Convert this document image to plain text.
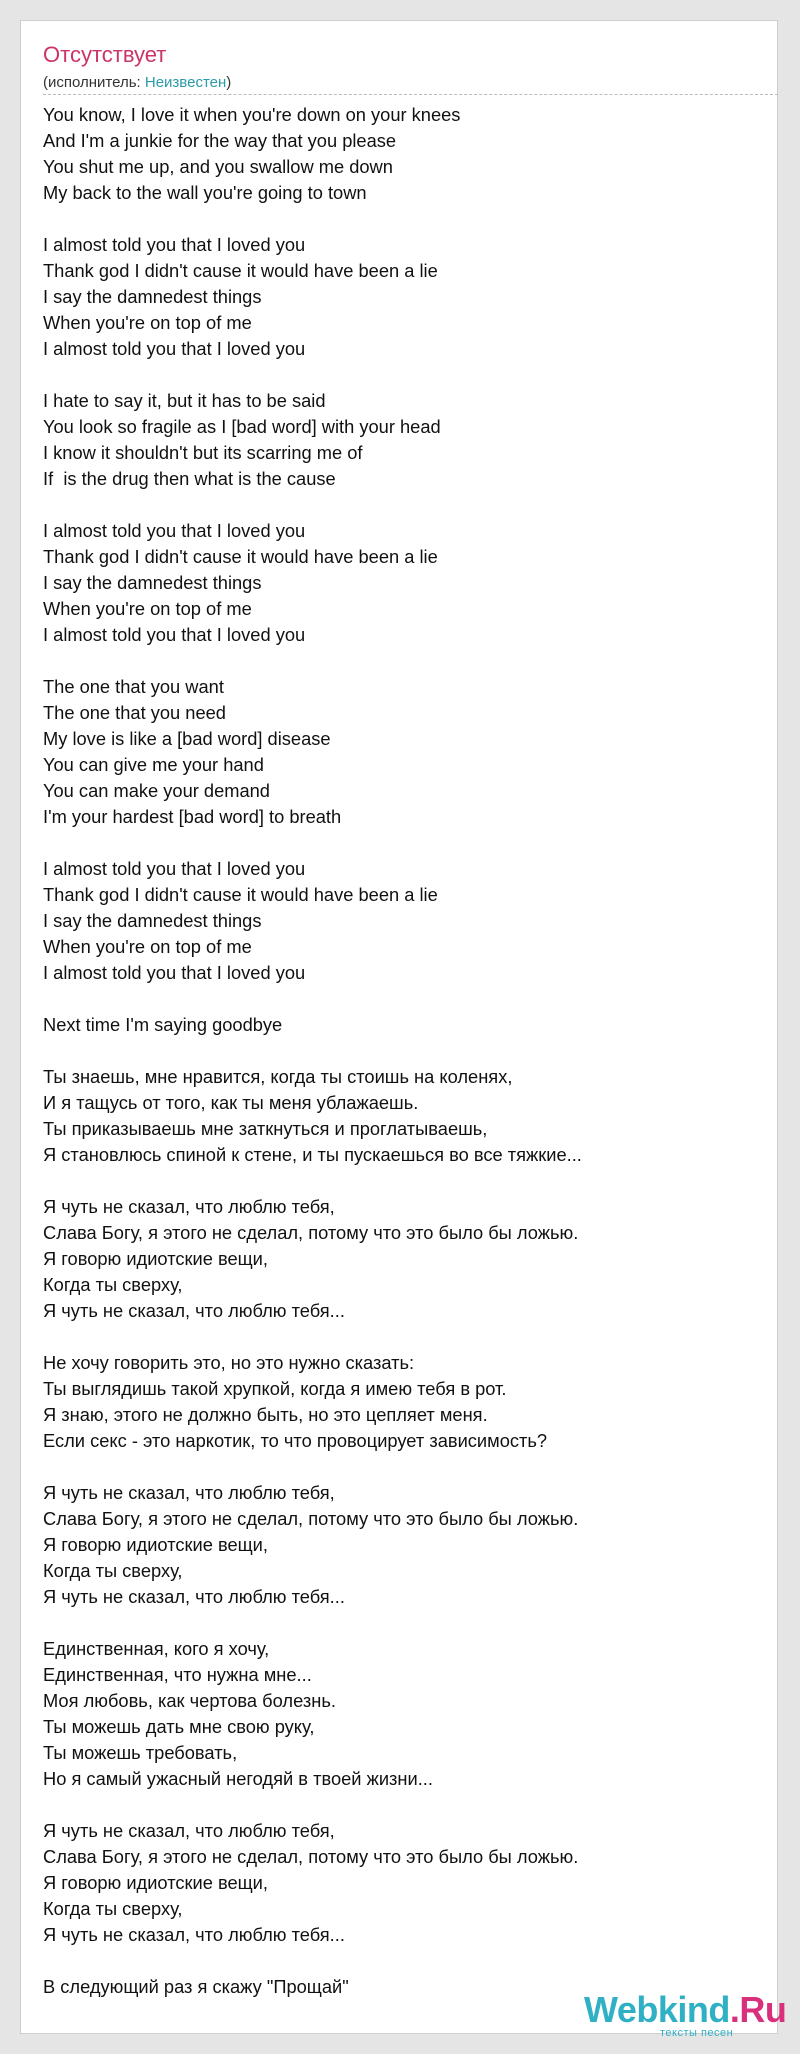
Отсутствует
(исполнитель: Неизвестен)
You know, I love it when you're down on your knees
And I'm a junkie for the way that you please
You shut me up, and you swallow me down
My back to the wall you're going to town
I almost told you that I loved you
Thank god I didn't cause it would have been a lie
I say the damnedest things
When you're on top of me
I almost told you that I loved you
I hate to say it, but it has to be said
You look so fragile as I [bad word] with your head
I know it shouldn't but its scarring me of
If  is the drug then what is the cause
I almost told you that I loved you
Thank god I didn't cause it would have been a lie
I say the damnedest things
When you're on top of me
I almost told you that I loved you
The one that you want
The one that you need
My love is like a [bad word] disease
You can give me your hand
You can make your demand
I'm your hardest [bad word] to breath
I almost told you that I loved you
Thank god I didn't cause it would have been a lie
I say the damnedest things
When you're on top of me
I almost told you that I loved you
Next time I'm saying goodbye
Ты знаешь, мне нравится, когда ты стоишь на коленях,
И я тащусь от того, как ты меня ублажаешь.
Ты приказываешь мне заткнуться и проглатываешь,
Я становлюсь спиной к стене, и ты пускаешься во все тяжкие...
Я чуть не сказал, что люблю тебя,
Слава Богу, я этого не сделал, потому что это было бы ложью.
Я говорю идиотские вещи,
Когда ты сверху,
Я чуть не сказал, что люблю тебя...
Не хочу говорить это, но это нужно сказать:
Ты выглядишь такой хрупкой, когда я имею тебя в рот.
Я знаю, этого не должно быть, но это цепляет меня.
Если секс - это наркотик, то что провоцирует зависимость?
Я чуть не сказал, что люблю тебя,
Слава Богу, я этого не сделал, потому что это было бы ложью.
Я говорю идиотские вещи,
Когда ты сверху,
Я чуть не сказал, что люблю тебя...
Единственная, кого я хочу,
Единственная, что нужна мне...
Моя любовь, как чертова болезнь.
Ты можешь дать мне свою руку,
Ты можешь требовать,
Но я самый ужасный негодяй в твоей жизни...
Я чуть не сказал, что люблю тебя,
Слава Богу, я этого не сделал, потому что это было бы ложью.
Я говорю идиотские вещи,
Когда ты сверху,
Я чуть не сказал, что люблю тебя...
В следующий раз я скажу "Прощай"
Webkind.Ru
тексты песен
